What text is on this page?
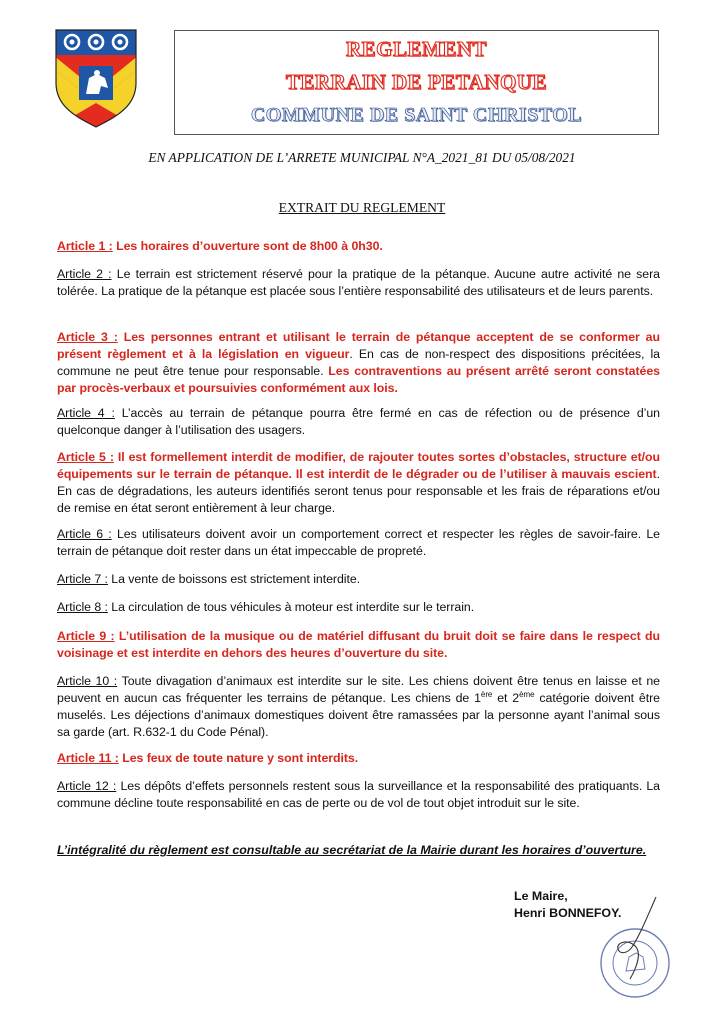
REGLEMENT

TERRAIN DE PETANQUE

COMMUNE DE SAINT CHRISTOL

EN APPLICATION DE L’ARRETE MUNICIPAL N°A_2021_81 DU 05/08/2021

EXTRAIT DU REGLEMENT

Article 1 : Les horaires d’ouverture sont de 8h00 à 0h30.

Article 2 : Le terrain est strictement réservé pour la pratique de la pétanque. Aucune autre activité ne sera tolérée. La pratique de la pétanque est placée sous l’entière responsabilité des utilisateurs et de leurs parents.

Article 3 : Les personnes entrant et utilisant le terrain de pétanque acceptent de se conformer au présent règlement et à la législation en vigueur. En cas de non-respect des dispositions précitées, la commune ne peut être tenue pour responsable. Les contraventions au présent arrêté seront constatées par procès-verbaux et poursuivies conformément aux lois.

Article 4 : L’accès au terrain de pétanque pourra être fermé en cas de réfection ou de présence d’un quelconque danger à l’utilisation des usagers.

Article 5 : Il est formellement interdit de modifier, de rajouter toutes sortes d’obstacles, structure et/ou équipements sur le terrain de pétanque. Il est interdit de le dégrader ou de l’utiliser à mauvais escient. En cas de dégradations, les auteurs identifiés seront tenus pour responsable et les frais de réparations et/ou de remise en état seront entièrement à leur charge.

Article 6 : Les utilisateurs doivent avoir un comportement correct et respecter les règles de savoir-faire. Le terrain de pétanque doit rester dans un état impeccable de propreté.

Article 7 : La vente de boissons est strictement interdite.

Article 8 : La circulation de tous véhicules à moteur est interdite sur le terrain.

Article 9 : L’utilisation de la musique ou de matériel diffusant du bruit doit se faire dans le respect du voisinage et est interdite en dehors des heures d’ouverture du site.

Article 10 : Toute divagation d’animaux est interdite sur le site. Les chiens doivent être tenus en laisse et ne peuvent en aucun cas fréquenter les terrains de pétanque. Les chiens de 1ère et 2ème catégorie doivent être muselés. Les déjections d’animaux domestiques doivent être ramassées par la personne ayant l’animal sous sa garde (art. R.632-1 du Code Pénal).

Article 11 : Les feux de toute nature y sont interdits.

Article 12 : Les dépôts d’effets personnels restent sous la surveillance et la responsabilité des pratiquants. La commune décline toute responsabilité en cas de perte ou de vol de tout objet introduit sur le site.

L’intégralité du règlement est consultable au secrétariat de la Mairie durant les horaires d’ouverture.

Le Maire,
Henri BONNEFOY.
